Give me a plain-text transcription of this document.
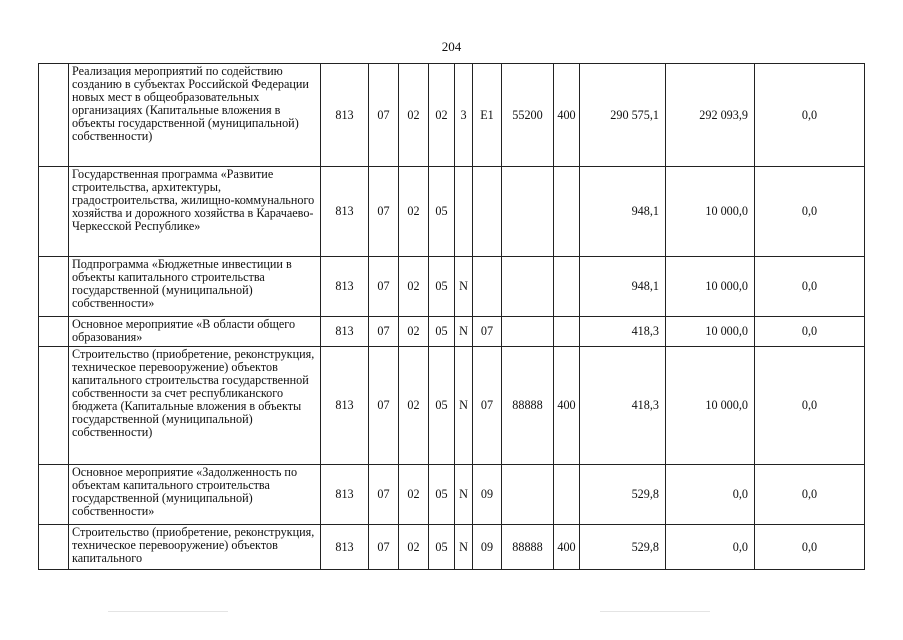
204
	Реализация мероприятий по содействию созданию в субъектах Российской Федерации новых мест в общеобразовательных организациях (Капитальные вложения в объекты государственной (муниципальной) собственности)	813	07	02	02	3	E1	55200	400	290 575,1	292 093,9	0,0
	Государственная программа «Развитие строительства, архитектуры, градостроительства, жилищно-коммунального хозяйства и дорожного хозяйства в Карачаево-Черкесской Республике»	813	07	02	05					948,1	10 000,0	0,0
	Подпрограмма «Бюджетные инвестиции в объекты капитального строительства государственной (муниципальной) собственности»	813	07	02	05	N				948,1	10 000,0	0,0
	Основное мероприятие «В области общего образования»	813	07	02	05	N	07			418,3	10 000,0	0,0
	Строительство (приобретение, реконструкция, техническое перевооружение) объектов капитального строительства государственной собственности за счет республиканского бюджета (Капитальные вложения в объекты государственной (муниципальной) собственности)	813	07	02	05	N	07	88888	400	418,3	10 000,0	0,0
	Основное мероприятие «Задолженность по объектам капитального строительства государственной (муниципальной) собственности»	813	07	02	05	N	09			529,8	0,0	0,0
	Строительство (приобретение, реконструкция, техническое перевооружение) объектов капитального	813	07	02	05	N	09	88888	400	529,8	0,0	0,0
